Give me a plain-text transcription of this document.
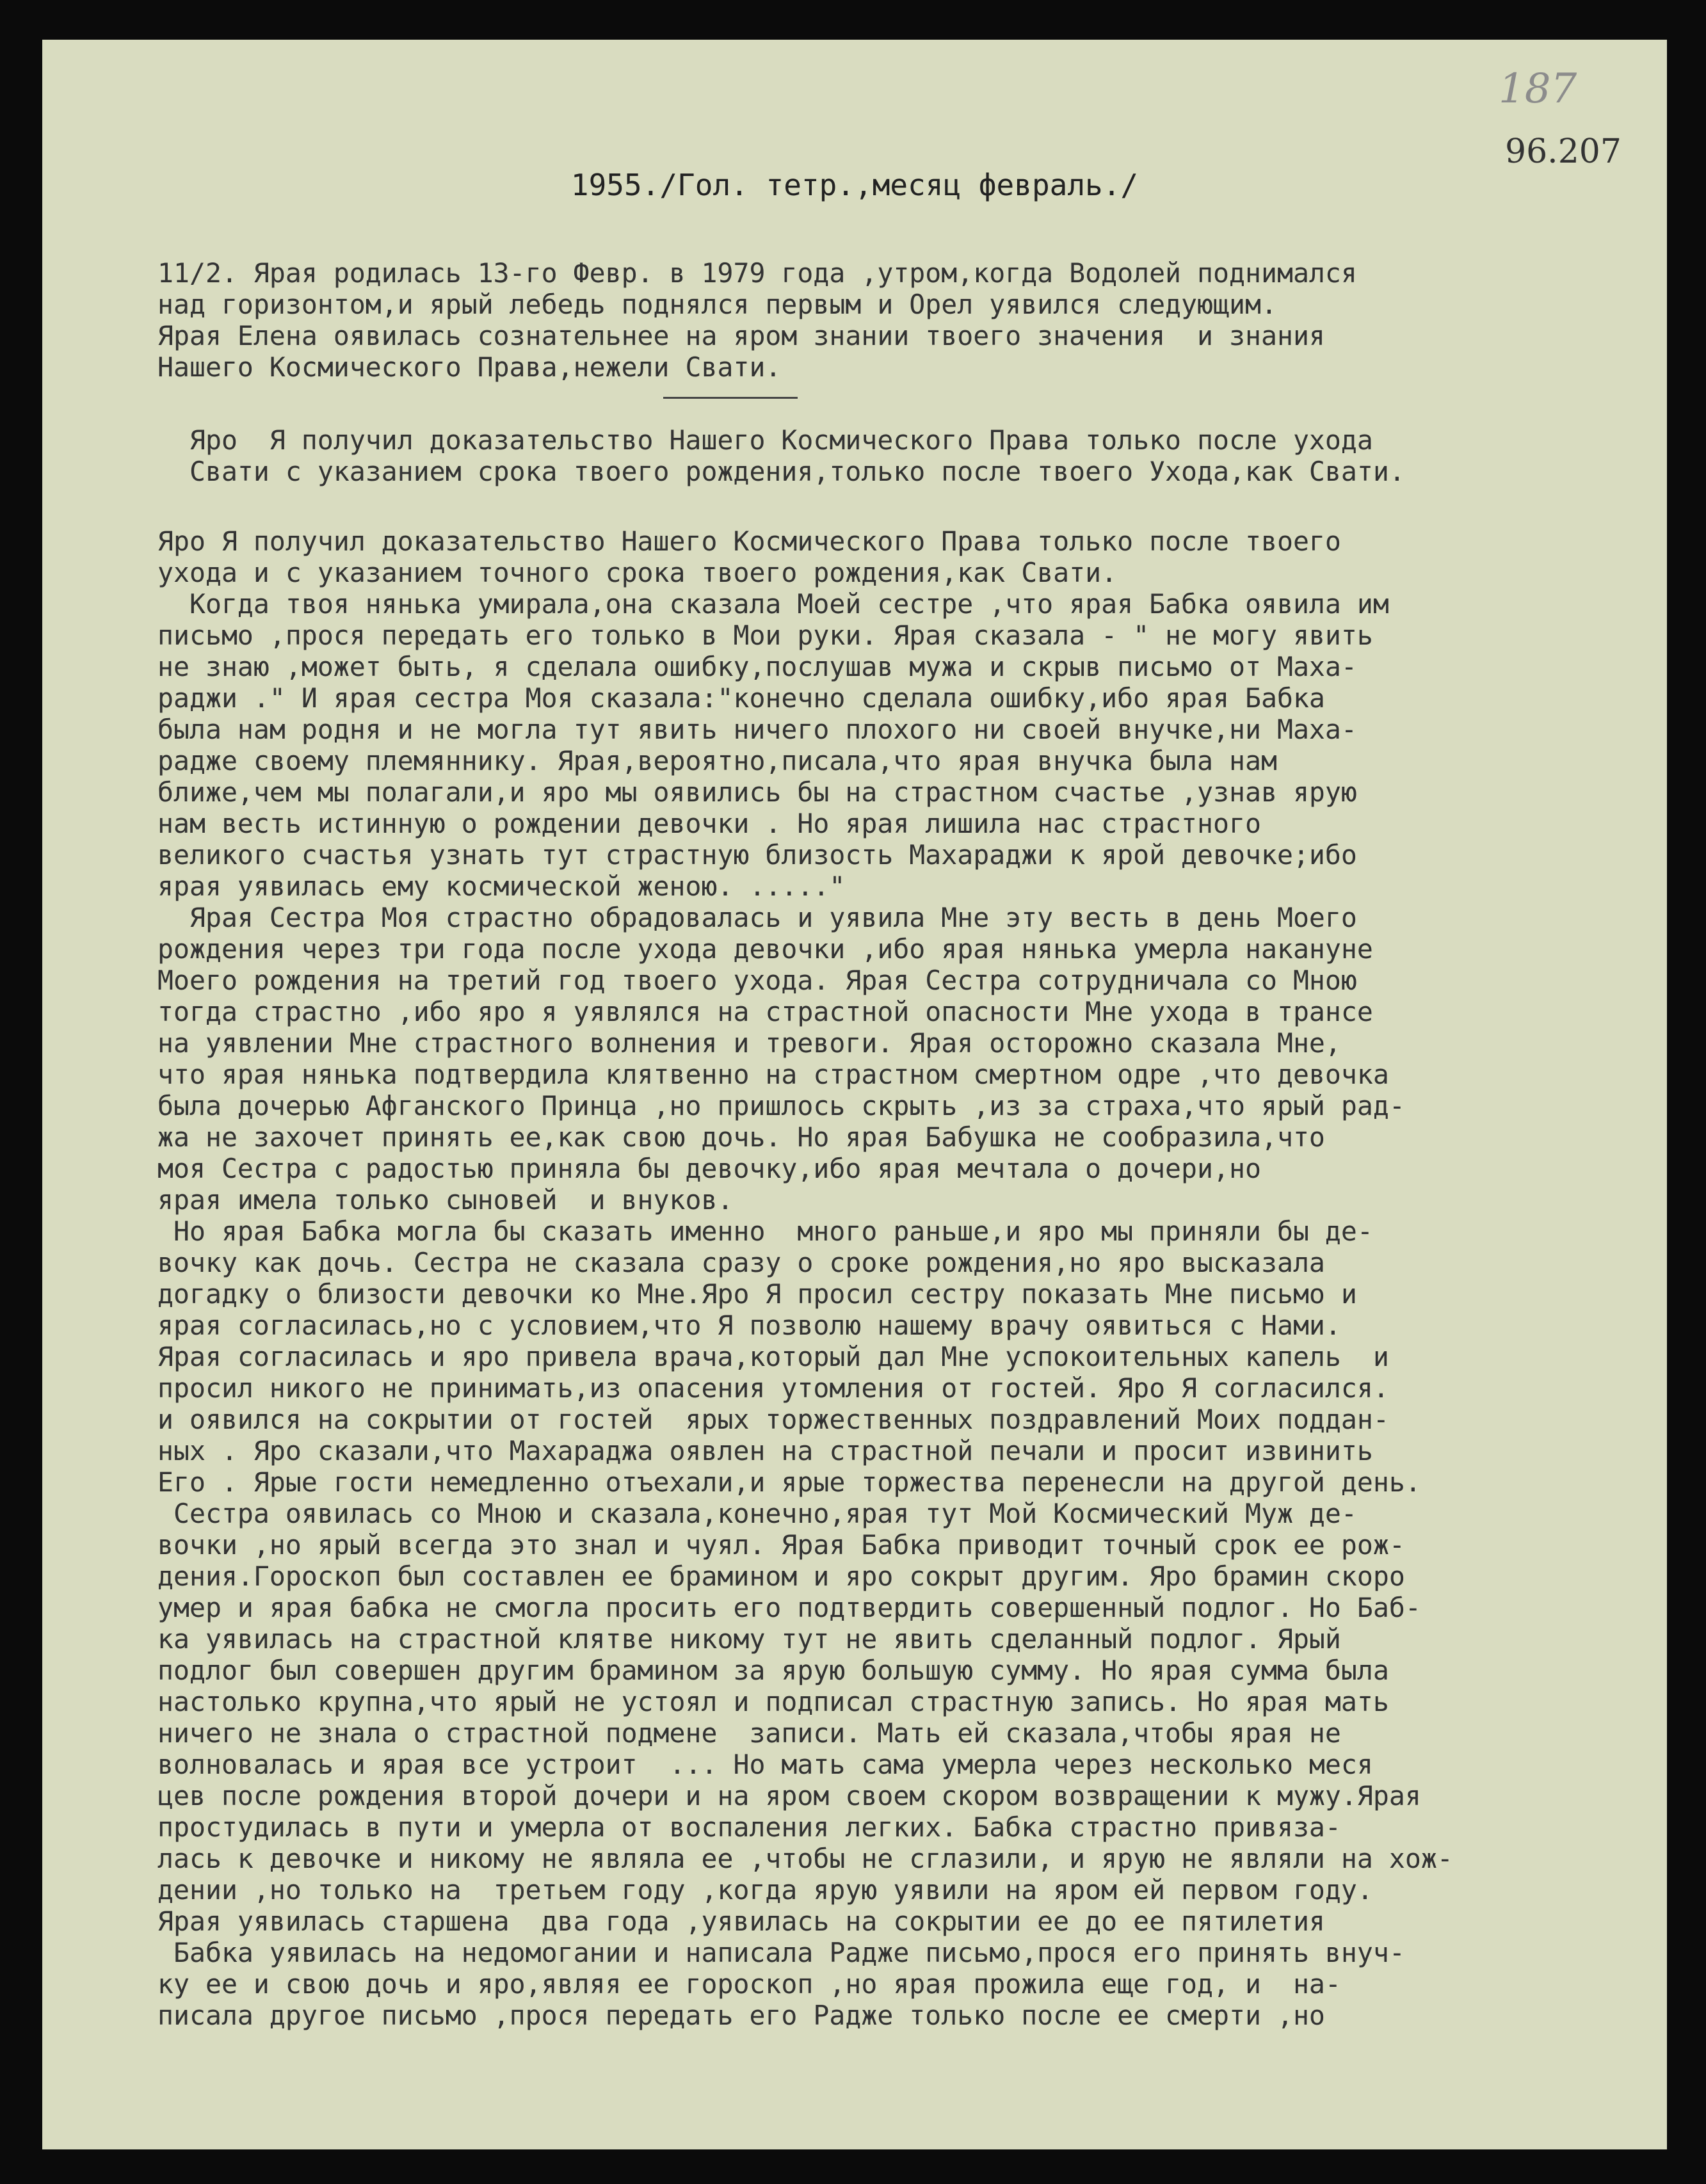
187
96.207
1955./Гол. тетр.,месяц февраль./
11/2. Ярая родилась 13-го Февр. в 1979 года ,утром,когда Водолей поднимался
над горизонтом,и ярый лебедь поднялся первым и Орел уявился следующим.
Ярая Елена оявилась сознательнее на яром знании твоего значения  и знания
Нашего Космического Права,нежели Свати.
Яро  Я получил доказательство Нашего Космического Права только после ухода
Свати с указанием срока твоего рождения,только после твоего Ухода,как Свати.
Яро Я получил доказательство Нашего Космического Права только после твоего
ухода и с указанием точного срока твоего рождения,как Свати.
Когда твоя нянька умирала,она сказала Моей сестре ,что ярая Бабка оявила им
письмо ,прося передать его только в Мои руки. Ярая сказала - " не могу явить
не знаю ,может быть, я сделала ошибку,послушав мужа и скрыв письмо от Маха-
раджи ." И ярая сестра Моя сказала:"конечно сделала ошибку,ибо ярая Бабка
была нам родня и не могла тут явить ничего плохого ни своей внучке,ни Маха-
радже своему племяннику. Ярая,вероятно,писала,что ярая внучка была нам
ближе,чем мы полагали,и яро мы оявились бы на страстном счастье ,узнав ярую
нам весть истинную о рождении девочки . Но ярая лишила нас страстного
великого счастья узнать тут страстную близость Махараджи к ярой девочке;ибо
ярая уявилась ему космической женою. ....."
Ярая Сестра Моя страстно обрадовалась и уявила Мне эту весть в день Моего
рождения через три года после ухода девочки ,ибо ярая нянька умерла накануне
Моего рождения на третий год твоего ухода. Ярая Сестра сотрудничала со Мною
тогда страстно ,ибо яро я уявлялся на страстной опасности Мне ухода в трансе
на уявлении Мне страстного волнения и тревоги. Ярая осторожно сказала Мне,
что ярая нянька подтвердила клятвенно на страстном смертном одре ,что девочка
была дочерью Афганского Принца ,но пришлось скрыть ,из за страха,что ярый рад-
жа не захочет принять ее,как свою дочь. Но ярая Бабушка не сообразила,что
моя Сестра с радостью приняла бы девочку,ибо ярая мечтала о дочери,но
ярая имела только сыновей  и внуков.
Но ярая Бабка могла бы сказать именно  много раньше,и яро мы приняли бы де-
вочку как дочь. Сестра не сказала сразу о сроке рождения,но яро высказала
догадку о близости девочки ко Мне.Яро Я просил сестру показать Мне письмо и
ярая согласилась,но с условием,что Я позволю нашему врачу оявиться с Нами.
Ярая согласилась и яро привела врача,который дал Мне успокоительных капель  и
просил никого не принимать,из опасения утомления от гостей. Яро Я согласился.
и оявился на сокрытии от гостей  ярых торжественных поздравлений Моих поддан-
ных . Яро сказали,что Махараджа оявлен на страстной печали и просит извинить
Его . Ярые гости немедленно отъехали,и ярые торжества перенесли на другой день.
Сестра оявилась со Мною и сказала,конечно,ярая тут Мой Космический Муж де-
вочки ,но ярый всегда это знал и чуял. Ярая Бабка приводит точный срок ее рож-
дения.Гороскоп был составлен ее брамином и яро сокрыт другим. Яро брамин скоро
умер и ярая бабка не смогла просить его подтвердить совершенный подлог. Но Баб-
ка уявилась на страстной клятве никому тут не явить сделанный подлог. Ярый
подлог был совершен другим брамином за ярую большую сумму. Но ярая сумма была
настолько крупна,что ярый не устоял и подписал страстную запись. Но ярая мать
ничего не знала о страстной подмене  записи. Мать ей сказала,чтобы ярая не
волновалась и ярая все устроит  ... Но мать сама умерла через несколько меся
цев после рождения второй дочери и на яром своем скором возвращении к мужу.Ярая
простудилась в пути и умерла от воспаления легких. Бабка страстно привяза-
лась к девочке и никому не являла ее ,чтобы не сглазили, и ярую не являли на хож-
дении ,но только на  третьем году ,когда ярую уявили на яром ей первом году.
Ярая уявилась старшена  два года ,уявилась на сокрытии ее до ее пятилетия
Бабка уявилась на недомогании и написала Радже письмо,прося его принять внуч-
ку ее и свою дочь и яро,являя ее гороскоп ,но ярая прожила еще год, и  на-
писала другое письмо ,прося передать его Радже только после ее смерти ,но
